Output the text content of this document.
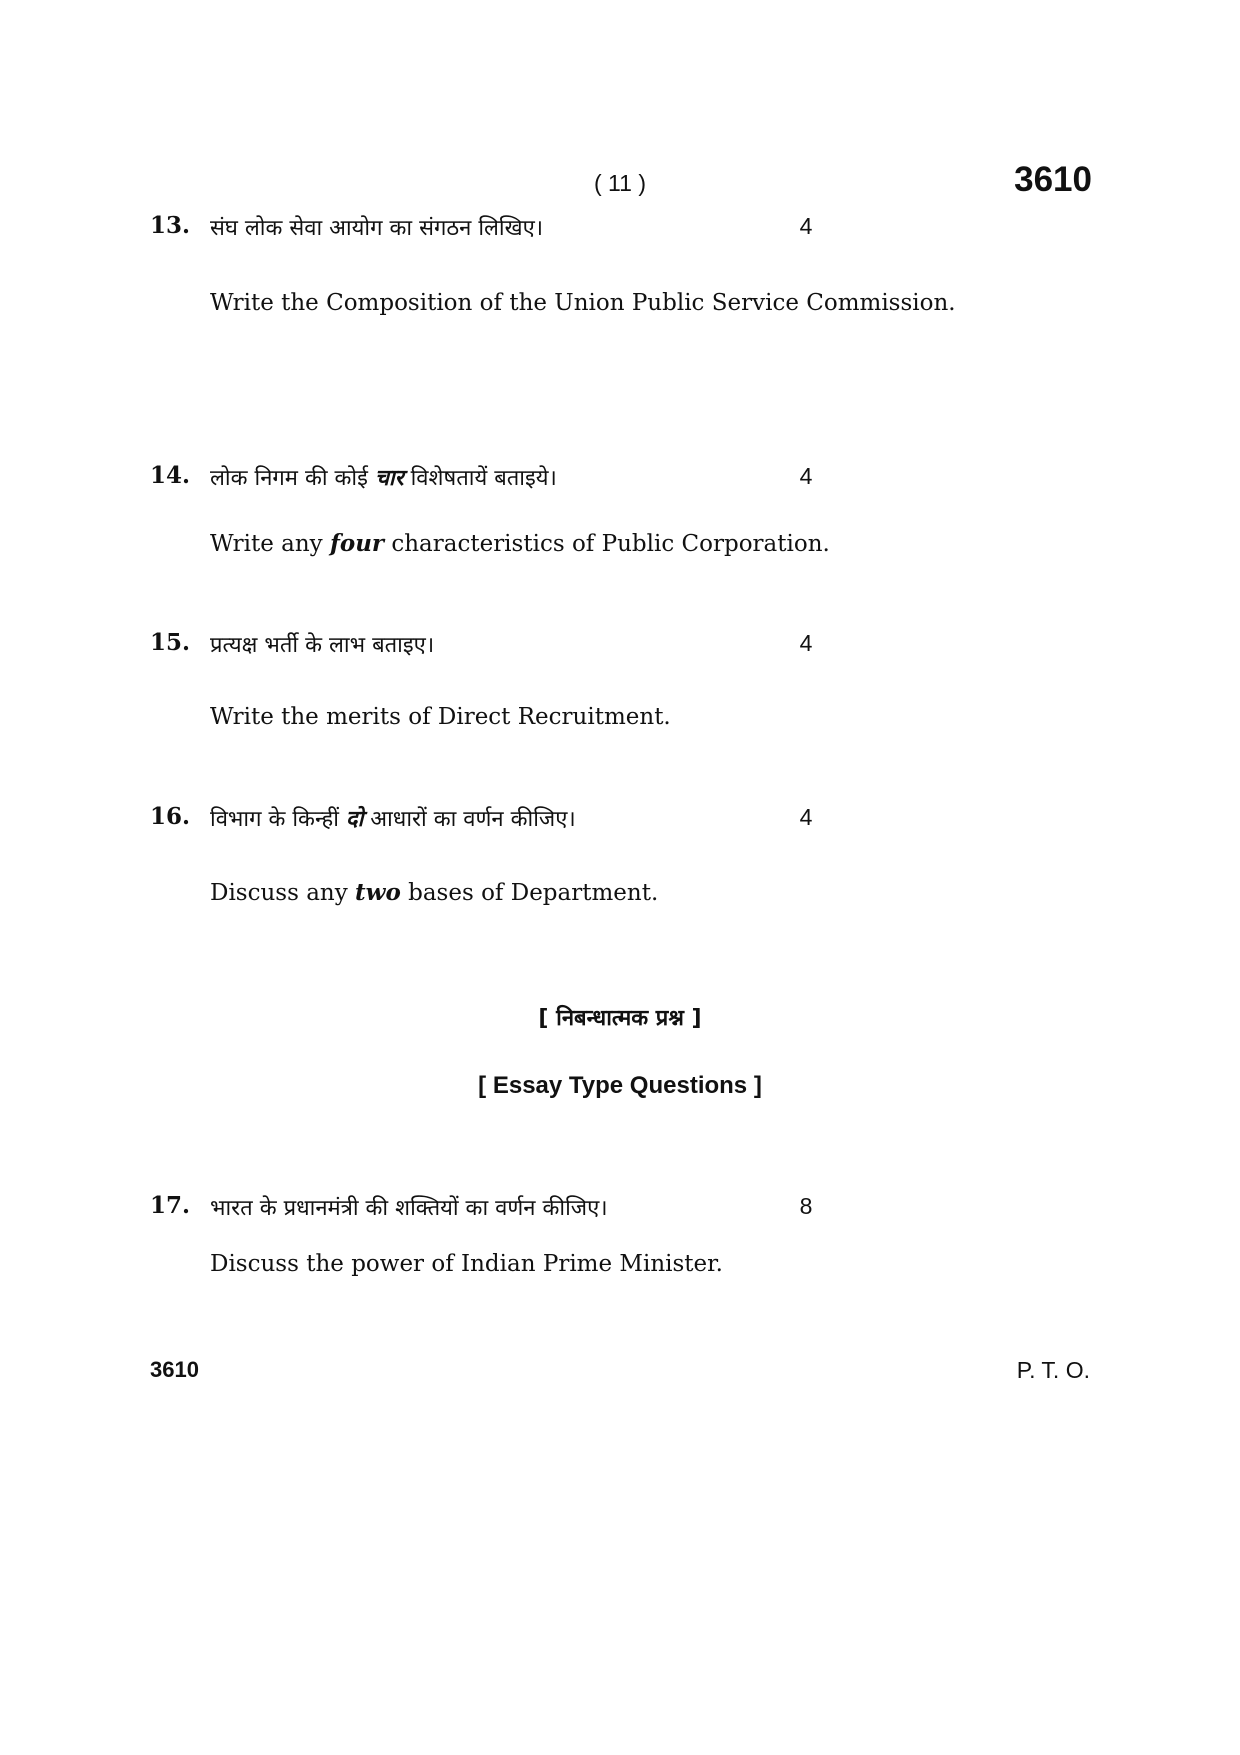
( 11 )	3610
13. संघ लोक सेवा आयोग का संगठन लिखिए।	4
Write the Composition of the Union Public Service Commission.
14. लोक निगम की कोई चार विशेषतायें बताइये।	4
Write any four characteristics of Public Corporation.
15. प्रत्यक्ष भर्ती के लाभ बताइए।	4
Write the merits of Direct Recruitment.
16. विभाग के किन्हीं दो आधारों का वर्णन कीजिए।	4
Discuss any two bases of Department.
[ निबन्धात्मक प्रश्न ]
[ Essay Type Questions ]
17. भारत के प्रधानमंत्री की शक्तियों का वर्णन कीजिए।	8
Discuss the power of Indian Prime Minister.
3610	P. T. O.
